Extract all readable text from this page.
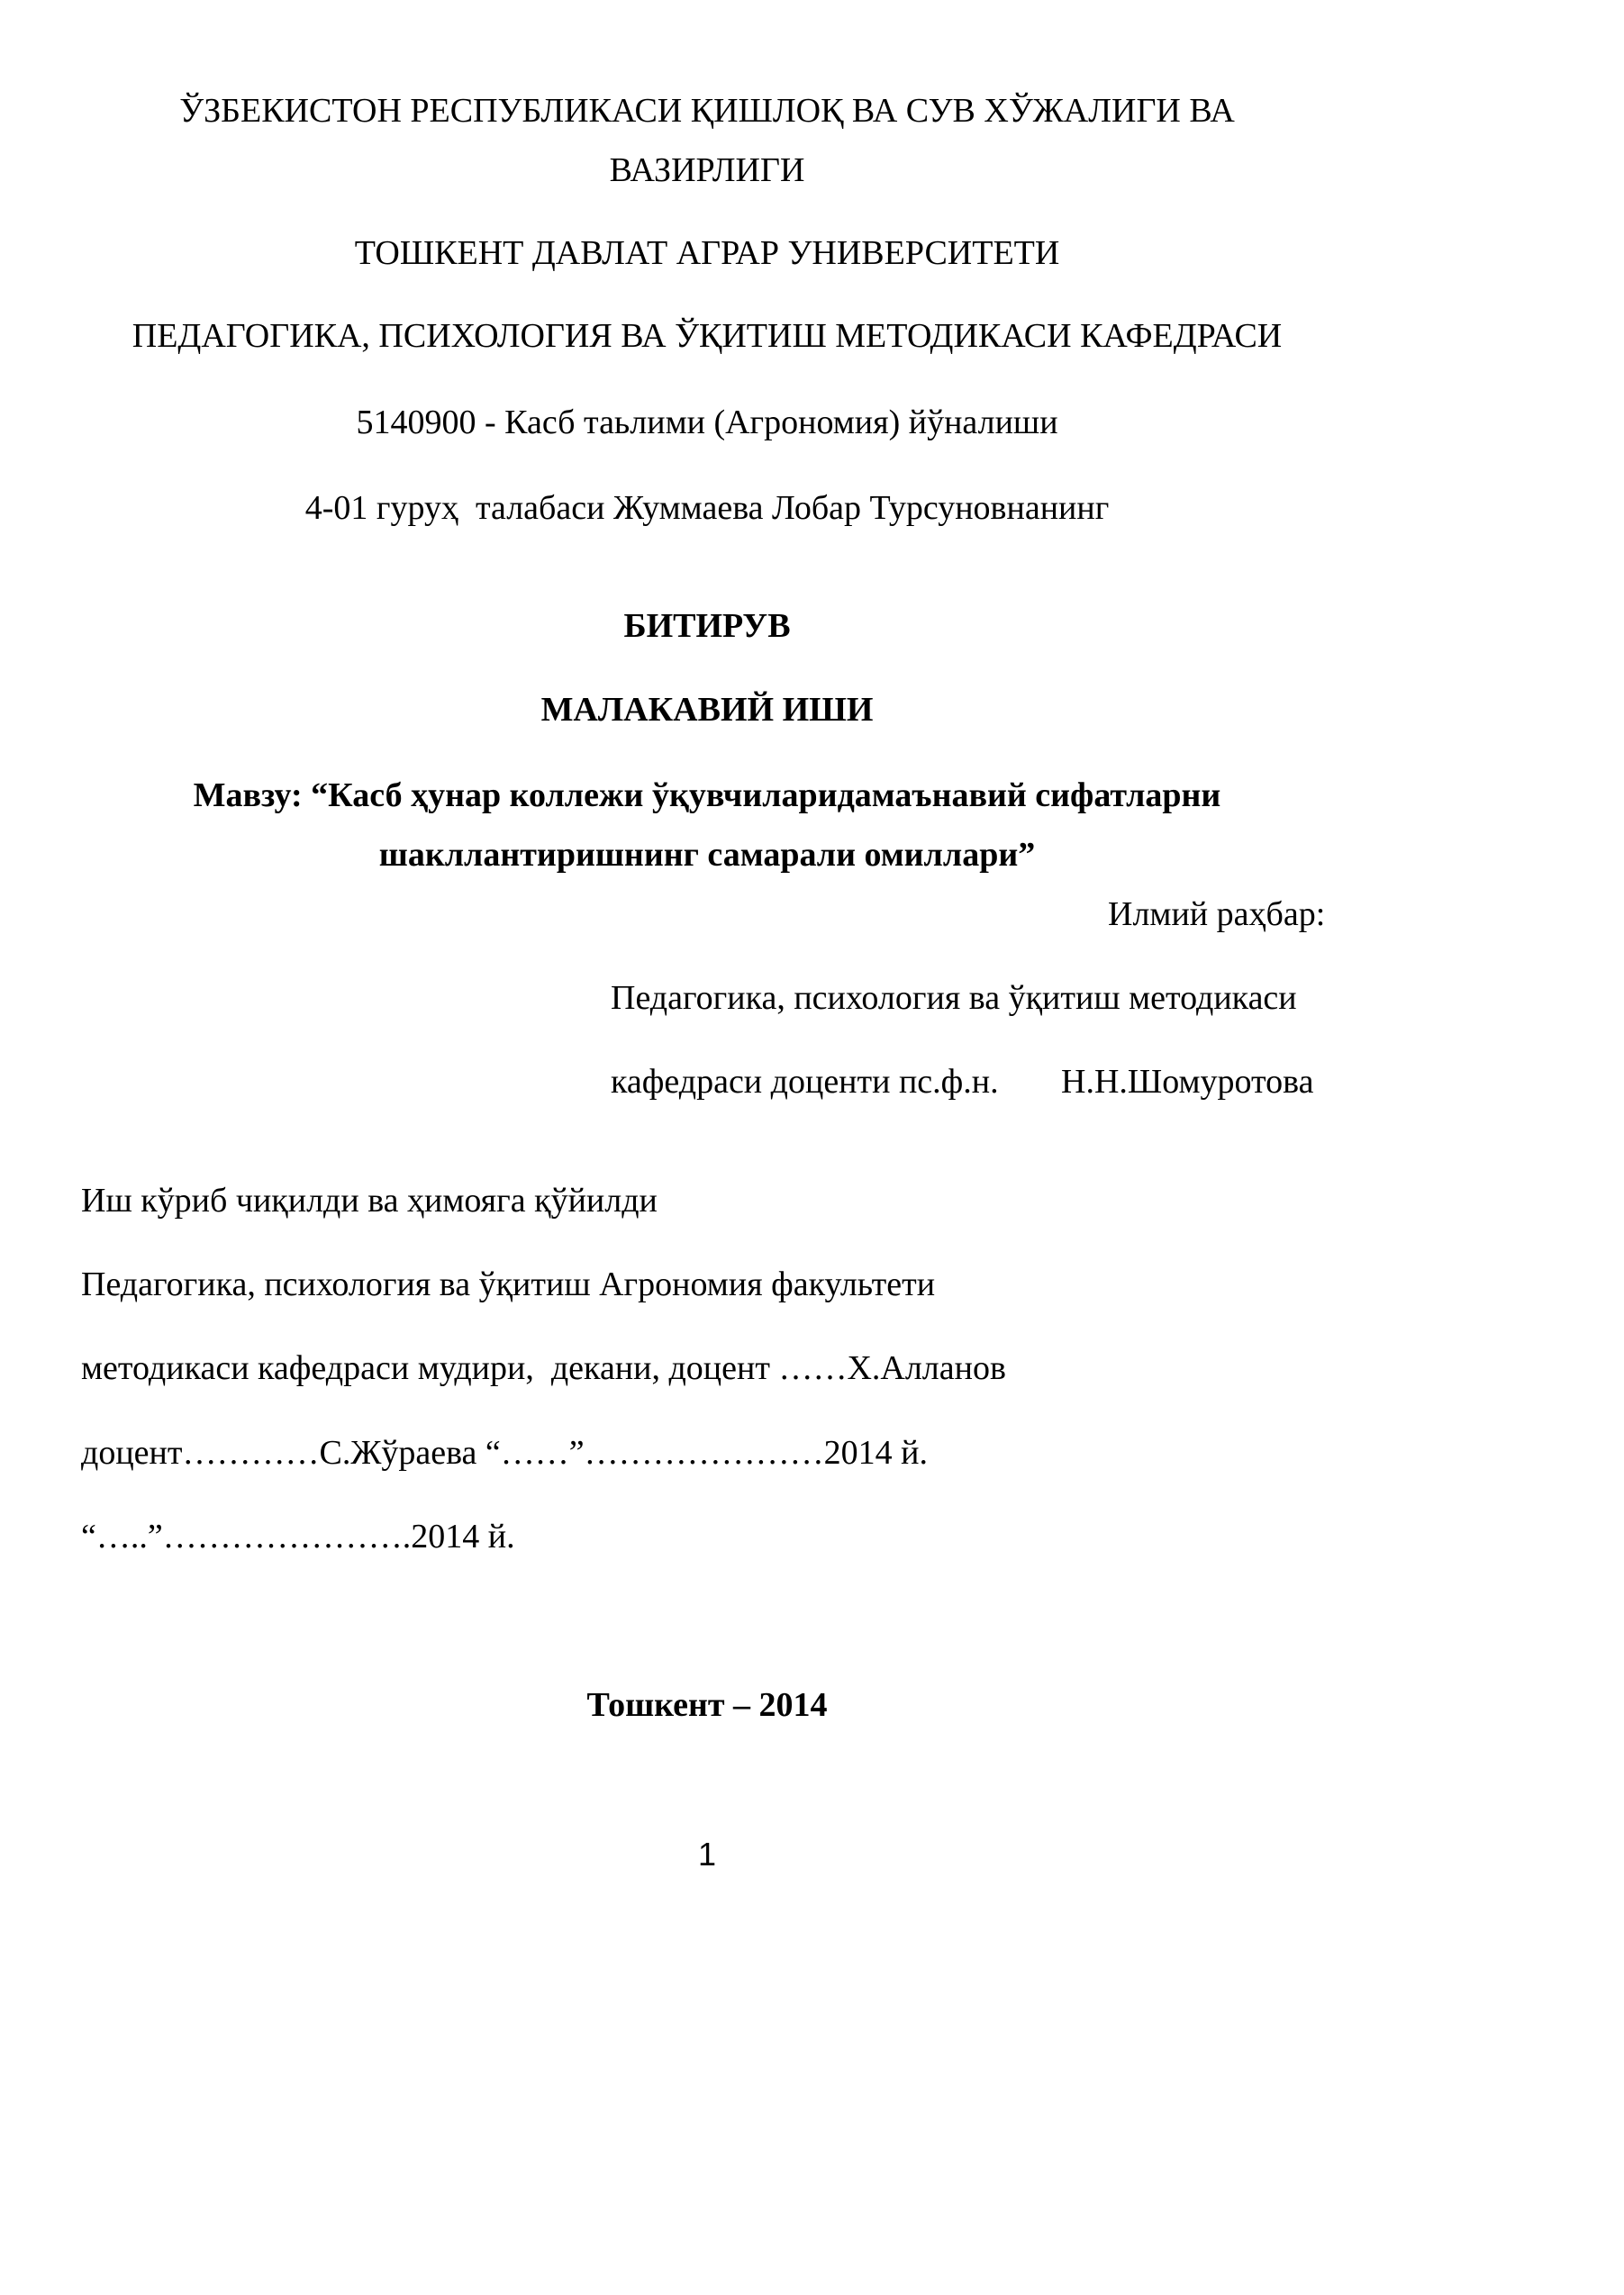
ЎЗБЕКИСТОН РЕСПУБЛИКАСИ ҚИШЛОҚ ВА СУВ ХЎЖАЛИГИ ВА

ВАЗИРЛИГИ

ТОШКЕНТ ДАВЛАТ АГРАР УНИВЕРСИТЕТИ

ПЕДАГОГИКА, ПСИХОЛОГИЯ ВА ЎҚИТИШ МЕТОДИКАСИ КАФЕДРАСИ

5140900 - Касб таьлими (Агрономия) йўналиши

4-01 гуруҳ  талабаси Жуммаева Лобар Турсуновнанинг

БИТИРУВ

МАЛАКАВИЙ ИШИ

Мавзу: “Касб ҳунар коллежи ўқувчиларидамаънавий сифатларни

шакллантиришнинг самарали омиллари”

Илмий раҳбар:

Педагогика, психология ва ўқитиш методикаси

кафедраси доценти пс.ф.н. Н.Н.Шомуротова

Иш кўриб чиқилди ва ҳимояга қўйилди

Педагогика, психология ва ўқитиш Агрономия факультети

методикаси кафедраси мудири,  декани, доцент ……Х.Алланов

доцент…………С.Жўраева “……”…………………2014 й.

“…..”………………….2014 й.

Тошкент – 2014

1
